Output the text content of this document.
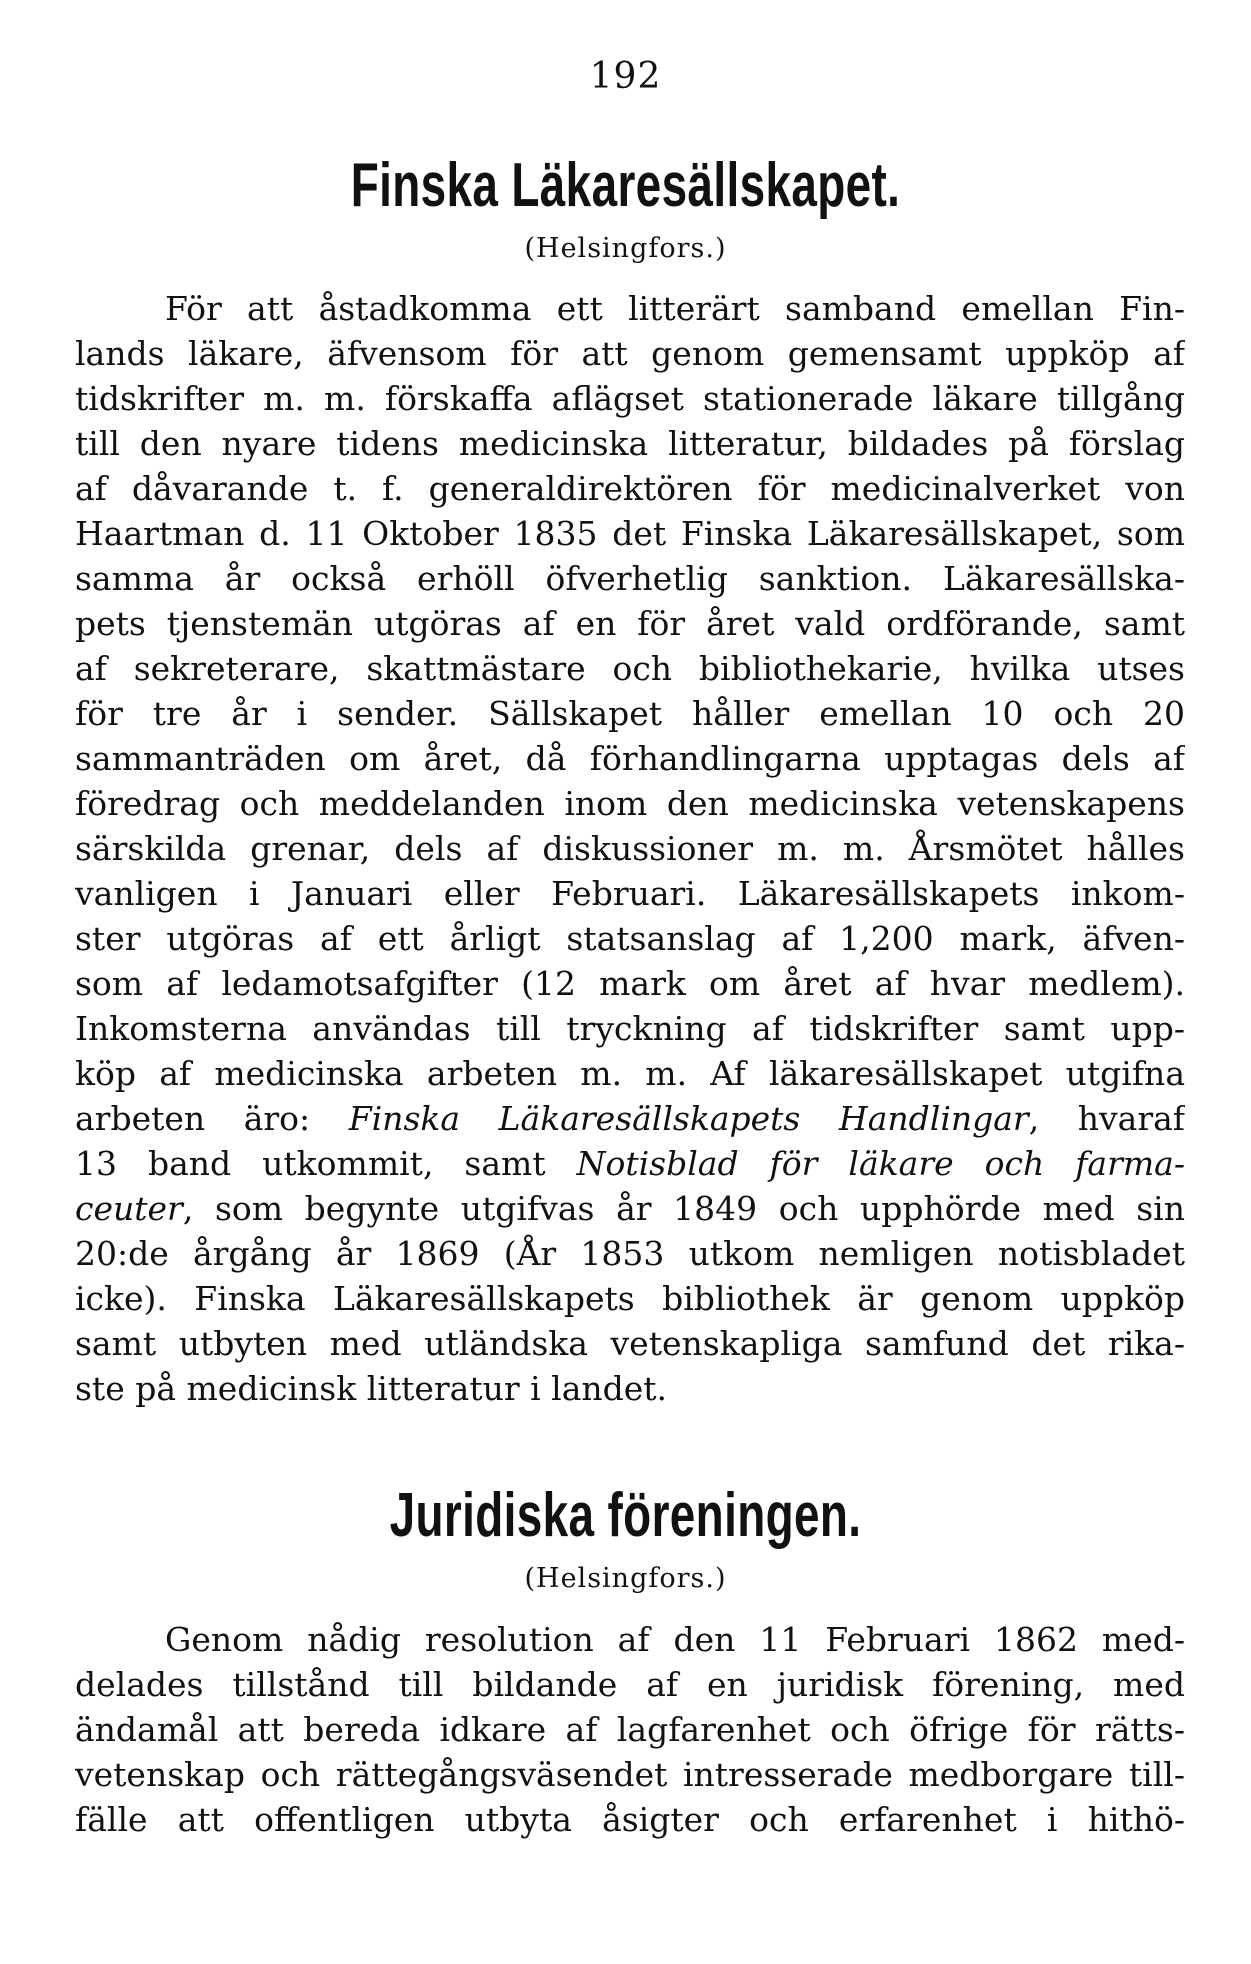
192
Finska Läkaresällskapet.
(Helsingfors.)
För att åstadkomma ett litterärt samband emellan Fin-
lands läkare, äfvensom för att genom gemensamt uppköp af
tidskrifter m. m. förskaffa aflägset stationerade läkare tillgång
till den nyare tidens medicinska litteratur, bildades på förslag
af dåvarande t. f. generaldirektören för medicinalverket von
Haartman d. 11 Oktober 1835 det Finska Läkaresällskapet, som
samma år också erhöll öfverhetlig sanktion. Läkaresällska-
pets tjenstemän utgöras af en för året vald ordförande, samt
af sekreterare, skattmästare och bibliothekarie, hvilka utses
för tre år i sender. Sällskapet håller emellan 10 och 20
sammanträden om året, då förhandlingarna upptagas dels af
föredrag och meddelanden inom den medicinska vetenskapens
särskilda grenar, dels af diskussioner m. m. Årsmötet hålles
vanligen i Januari eller Februari. Läkaresällskapets inkom-
ster utgöras af ett årligt statsanslag af 1,200 mark, äfven-
som af ledamotsafgifter (12 mark om året af hvar medlem).
Inkomsterna användas till tryckning af tidskrifter samt upp-
köp af medicinska arbeten m. m. Af läkaresällskapet utgifna
arbeten äro: Finska Läkaresällskapets Handlingar, hvaraf
13 band utkommit, samt Notisblad för läkare och farma-
ceuter, som begynte utgifvas år 1849 och upphörde med sin
20:de årgång år 1869 (År 1853 utkom nemligen notisbladet
icke). Finska Läkaresällskapets bibliothek är genom uppköp
samt utbyten med utländska vetenskapliga samfund det rika-
ste på medicinsk litteratur i landet.
Juridiska föreningen.
(Helsingfors.)
Genom nådig resolution af den 11 Februari 1862 med-
delades tillstånd till bildande af en juridisk förening, med
ändamål att bereda idkare af lagfarenhet och öfrige för rätts-
vetenskap och rättegångsväsendet intresserade medborgare till-
fälle att offentligen utbyta åsigter och erfarenhet i hithö-
